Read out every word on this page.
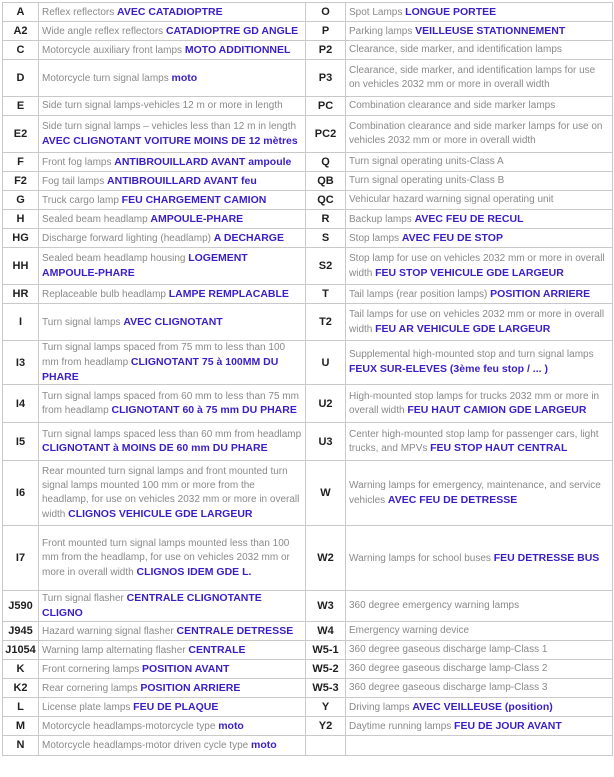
A	Reflex reflectors AVEC CATADIOPTRE	O	Spot Lamps LONGUE PORTEE
A2	Wide angle reflex reflectors CATADIOPTRE GD ANGLE	P	Parking lamps VEILLEUSE STATIONNEMENT
C	Motorcycle auxiliary front lamps MOTO ADDITIONNEL	P2	Clearance, side marker, and identification lamps
D	Motorcycle turn signal lamps moto	P3	Clearance, side marker, and identification lamps for use on vehicles 2032 mm or more in overall width
E	Side turn signal lamps-vehicles 12 m or more in length	PC	Combination clearance and side marker lamps
E2	Side turn signal lamps – vehicles less than 12 m in length AVEC CLIGNOTANT VOITURE MOINS DE 12 mètres	PC2	Combination clearance and side marker lamps for use on vehicles 2032 mm or more in overall width
F	Front fog lamps ANTIBROUILLARD AVANT ampoule	Q	Turn signal operating units-Class A
F2	Fog tail lamps ANTIBROUILLARD AVANT feu	QB	Turn signal operating units-Class B
G	Truck cargo lamp FEU CHARGEMENT CAMION	QC	Vehicular hazard warning signal operating unit
H	Sealed beam headlamp AMPOULE-PHARE	R	Backup lamps AVEC FEU DE RECUL
HG	Discharge forward lighting (headlamp) A DECHARGE	S	Stop lamps AVEC FEU DE STOP
HH	Sealed beam headlamp housing LOGEMENT AMPOULE-PHARE	S2	Stop lamp for use on vehicles 2032 mm or more in overall width FEU STOP VEHICULE GDE LARGEUR
HR	Replaceable bulb headlamp LAMPE REMPLACABLE	T	Tail lamps (rear position lamps) POSITION ARRIERE
I	Turn signal lamps AVEC CLIGNOTANT	T2	Tail lamps for use on vehicles 2032 mm or more in overall width FEU AR VEHICULE GDE LARGEUR
I3	Turn signal lamps spaced from 75 mm to less than 100 mm from headlamp CLIGNOTANT 75 à 100MM DU PHARE	U	Supplemental high-mounted stop and turn signal lamps FEUX SUR-ELEVES (3ème feu stop / ... )
I4	Turn signal lamps spaced from 60 mm to less than 75 mm from headlamp CLIGNOTANT 60 à 75 mm DU PHARE	U2	High-mounted stop lamps for trucks 2032 mm or more in overall width FEU HAUT CAMION GDE LARGEUR
I5	Turn signal lamps spaced less than 60 mm from headlamp CLIGNOTANT à MOINS DE 60 mm DU PHARE	U3	Center high-mounted stop lamp for passenger cars, light trucks, and MPVs FEU STOP HAUT CENTRAL
I6	Rear mounted turn signal lamps and front mounted turn signal lamps mounted 100 mm or more from the headlamp, for use on vehicles 2032 mm or more in overall width CLIGNOS VEHICULE GDE LARGEUR	W	Warning lamps for emergency, maintenance, and service vehicles AVEC FEU DE DETRESSE
I7	Front mounted turn signal lamps mounted less than 100 mm from the headlamp, for use on vehicles 2032 mm or more in overall width CLIGNOS IDEM GDE L.	W2	Warning lamps for school buses FEU DETRESSE BUS
J590	Turn signal flasher CENTRALE CLIGNOTANTE CLIGNO	W3	360 degree emergency warning lamps
J945	Hazard warning signal flasher CENTRALE DETRESSE	W4	Emergency warning device
J1054	Warning lamp alternating flasher CENTRALE	W5-1	360 degree gaseous discharge lamp-Class 1
K	Front cornering lamps POSITION AVANT	W5-2	360 degree gaseous discharge lamp-Class 2
K2	Rear cornering lamps POSITION ARRIERE	W5-3	360 degree gaseous discharge lamp-Class 3
L	License plate lamps FEU DE PLAQUE	Y	Driving lamps AVEC VEILLEUSE (position)
M	Motorcycle headlamps-motorcycle type moto	Y2	Daytime running lamps FEU DE JOUR AVANT
N	Motorcycle headlamps-motor driven cycle type moto		
